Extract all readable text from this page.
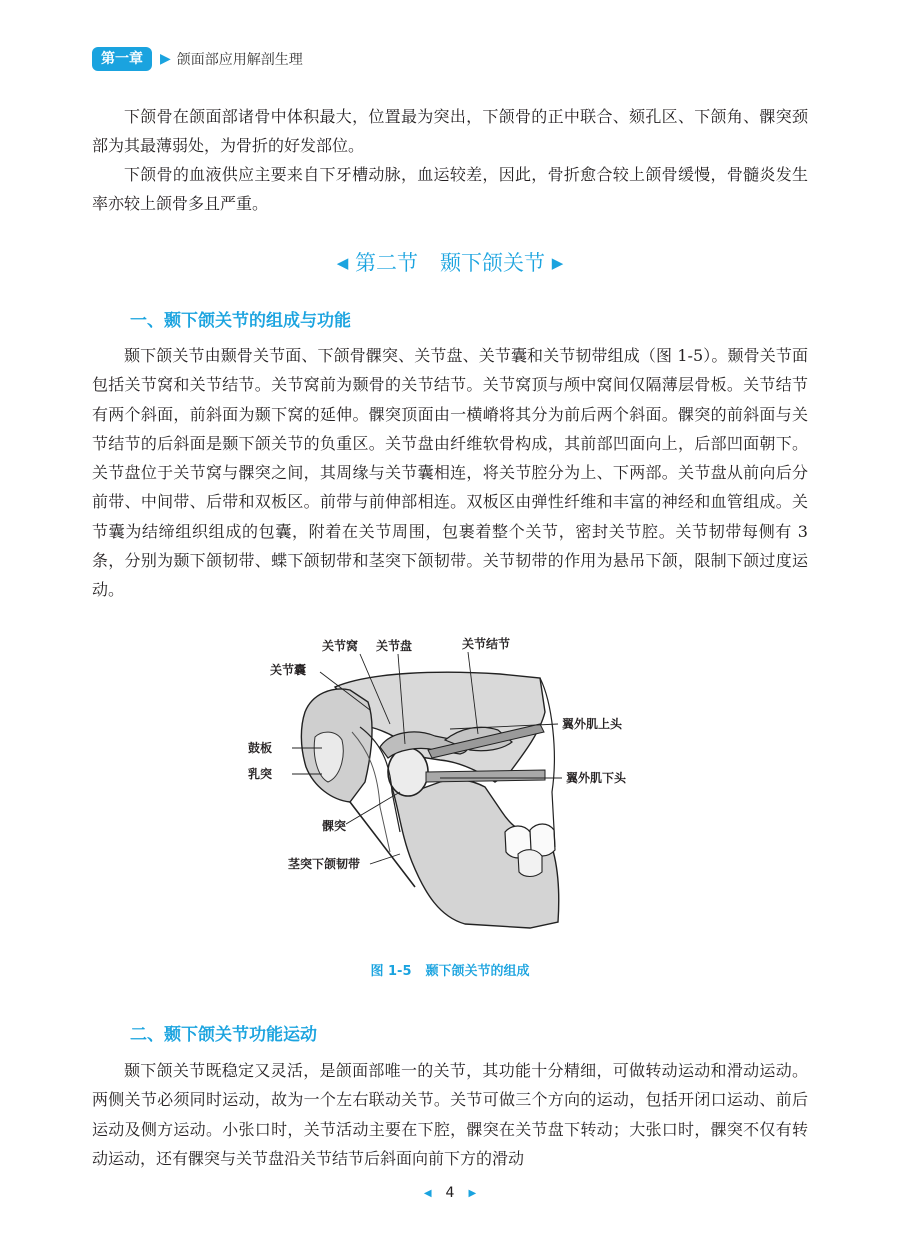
第一章	▶ 颌面部应用解剖生理

下颌骨在颌面部诸骨中体积最大，位置最为突出，下颌骨的正中联合、颏孔区、下颌角、髁突颈部为其最薄弱处，为骨折的好发部位。

下颌骨的血液供应主要来自下牙槽动脉，血运较差，因此，骨折愈合较上颌骨缓慢，骨髓炎发生率亦较上颌骨多且严重。

◀ 第二节 颞下颌关节 ▶
一、颞下颌关节的组成与功能

颞下颌关节由颞骨关节面、下颌骨髁突、关节盘、关节囊和关节韧带组成（图 1-5）。颞骨关节面包括关节窝和关节结节。关节窝前为颞骨的关节结节。关节窝顶与颅中窝间仅隔薄层骨板。关节结节有两个斜面，前斜面为颞下窝的延伸。髁突顶面由一横嵴将其分为前后两个斜面。髁突的前斜面与关节结节的后斜面是颞下颌关节的负重区。关节盘由纤维软骨构成，其前部凹面向上，后部凹面朝下。关节盘位于关节窝与髁突之间，其周缘与关节囊相连，将关节腔分为上、下两部。关节盘从前向后分前带、中间带、后带和双板区。前带与前伸部相连。双板区由弹性纤维和丰富的神经和血管组成。关节囊为结缔组织组成的包囊，附着在关节周围，包裹着整个关节，密封关节腔。关节韧带每侧有 3 条，分别为颞下颌韧带、蝶下颌韧带和茎突下颌韧带。关节韧带的作用为悬吊下颌，限制下颌过度运动。

关节窝 关节盘	关节结节
关节囊
翼外肌上头
鼓板
乳突	翼外肌下头
髁突
茎突下颌韧带
图 1-5 颞下颌关节的组成
二、颞下颌关节功能运动

颞下颌关节既稳定又灵活，是颌面部唯一的关节，其功能十分精细，可做转动运动和滑动运动。两侧关节必须同时运动，故为一个左右联动关节。关节可做三个方向的运动，包括开闭口运动、前后运动及侧方运动。小张口时，关节活动主要在下腔，髁突在关节盘下转动；大张口时，髁突不仅有转动运动，还有髁突与关节盘沿关节结节后斜面向前下方的滑动

◀ 4 ▶
